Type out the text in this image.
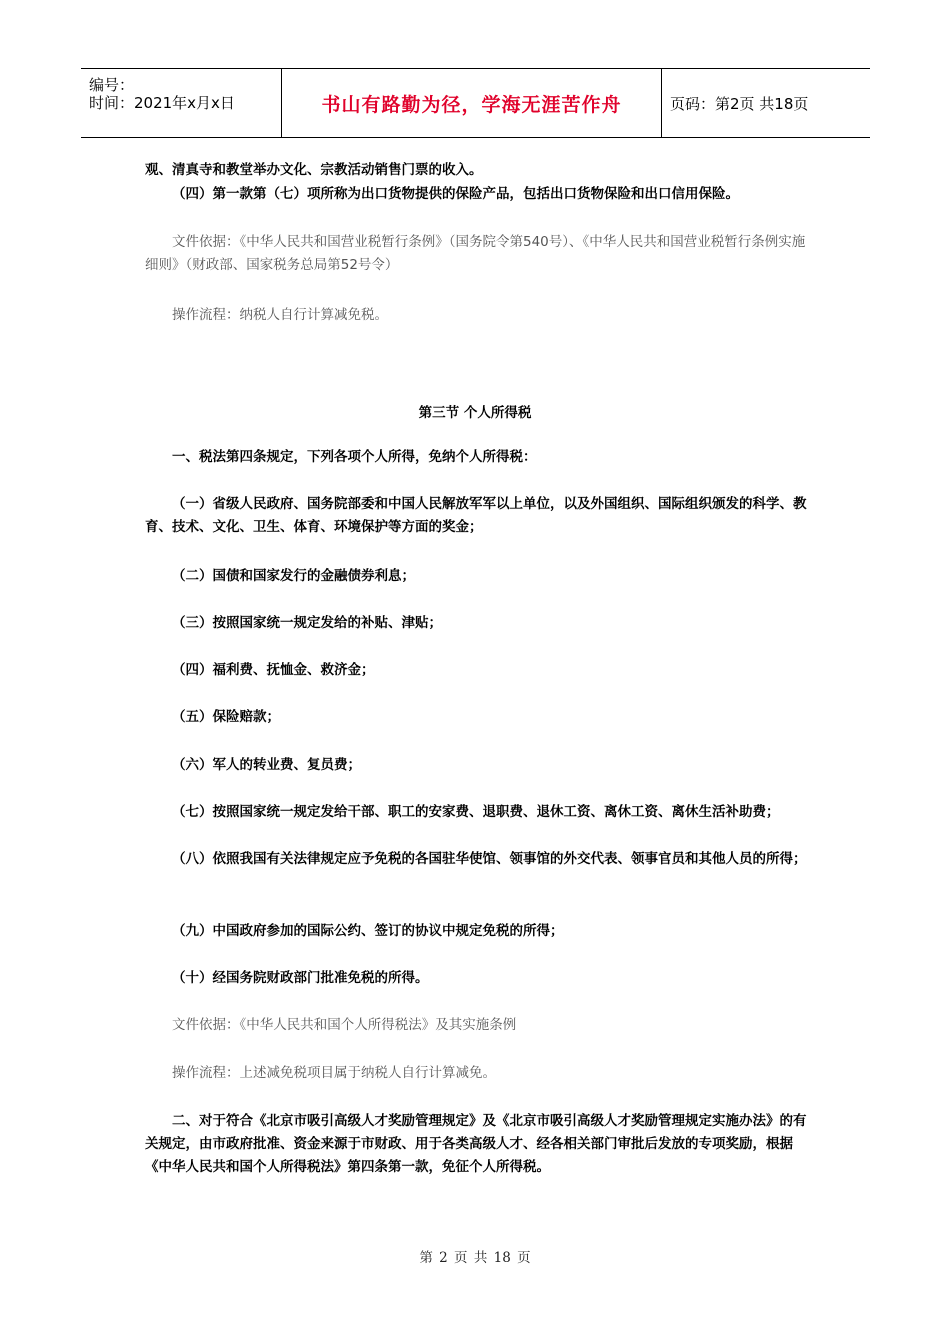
编号：
时间：2021年x月x日	书山有路勤为径，学海无涯苦作舟	页码：第2页 共18页
观、清真寺和教堂举办文化、宗教活动销售门票的收入。
（四）第一款第（七）项所称为出口货物提供的保险产品，包括出口货物保险和出口信用保险。
文件依据：《中华人民共和国营业税暂行条例》（国务院令第540号）、《中华人民共和国营业税暂行条例实施细则》（财政部、国家税务总局第52号令）
操作流程：纳税人自行计算减免税。
第三节 个人所得税
一、税法第四条规定，下列各项个人所得，免纳个人所得税：
（一）省级人民政府、国务院部委和中国人民解放军军以上单位，以及外国组织、国际组织颁发的科学、教育、技术、文化、卫生、体育、环境保护等方面的奖金；
（二）国债和国家发行的金融债券利息；
（三）按照国家统一规定发给的补贴、津贴；
（四）福利费、抚恤金、救济金；
（五）保险赔款；
（六）军人的转业费、复员费；
（七）按照国家统一规定发给干部、职工的安家费、退职费、退休工资、离休工资、离休生活补助费；
（八）依照我国有关法律规定应予免税的各国驻华使馆、领事馆的外交代表、领事官员和其他人员的所得；
（九）中国政府参加的国际公约、签订的协议中规定免税的所得；
（十）经国务院财政部门批准免税的所得。
文件依据：《中华人民共和国个人所得税法》及其实施条例
操作流程：上述减免税项目属于纳税人自行计算减免。
二、对于符合《北京市吸引高级人才奖励管理规定》及《北京市吸引高级人才奖励管理规定实施办法》的有关规定，由市政府批准、资金来源于市财政、用于各类高级人才、经各相关部门审批后发放的专项奖励，根据《中华人民共和国个人所得税法》第四条第一款，免征个人所得税。
第 2 页 共 18 页
